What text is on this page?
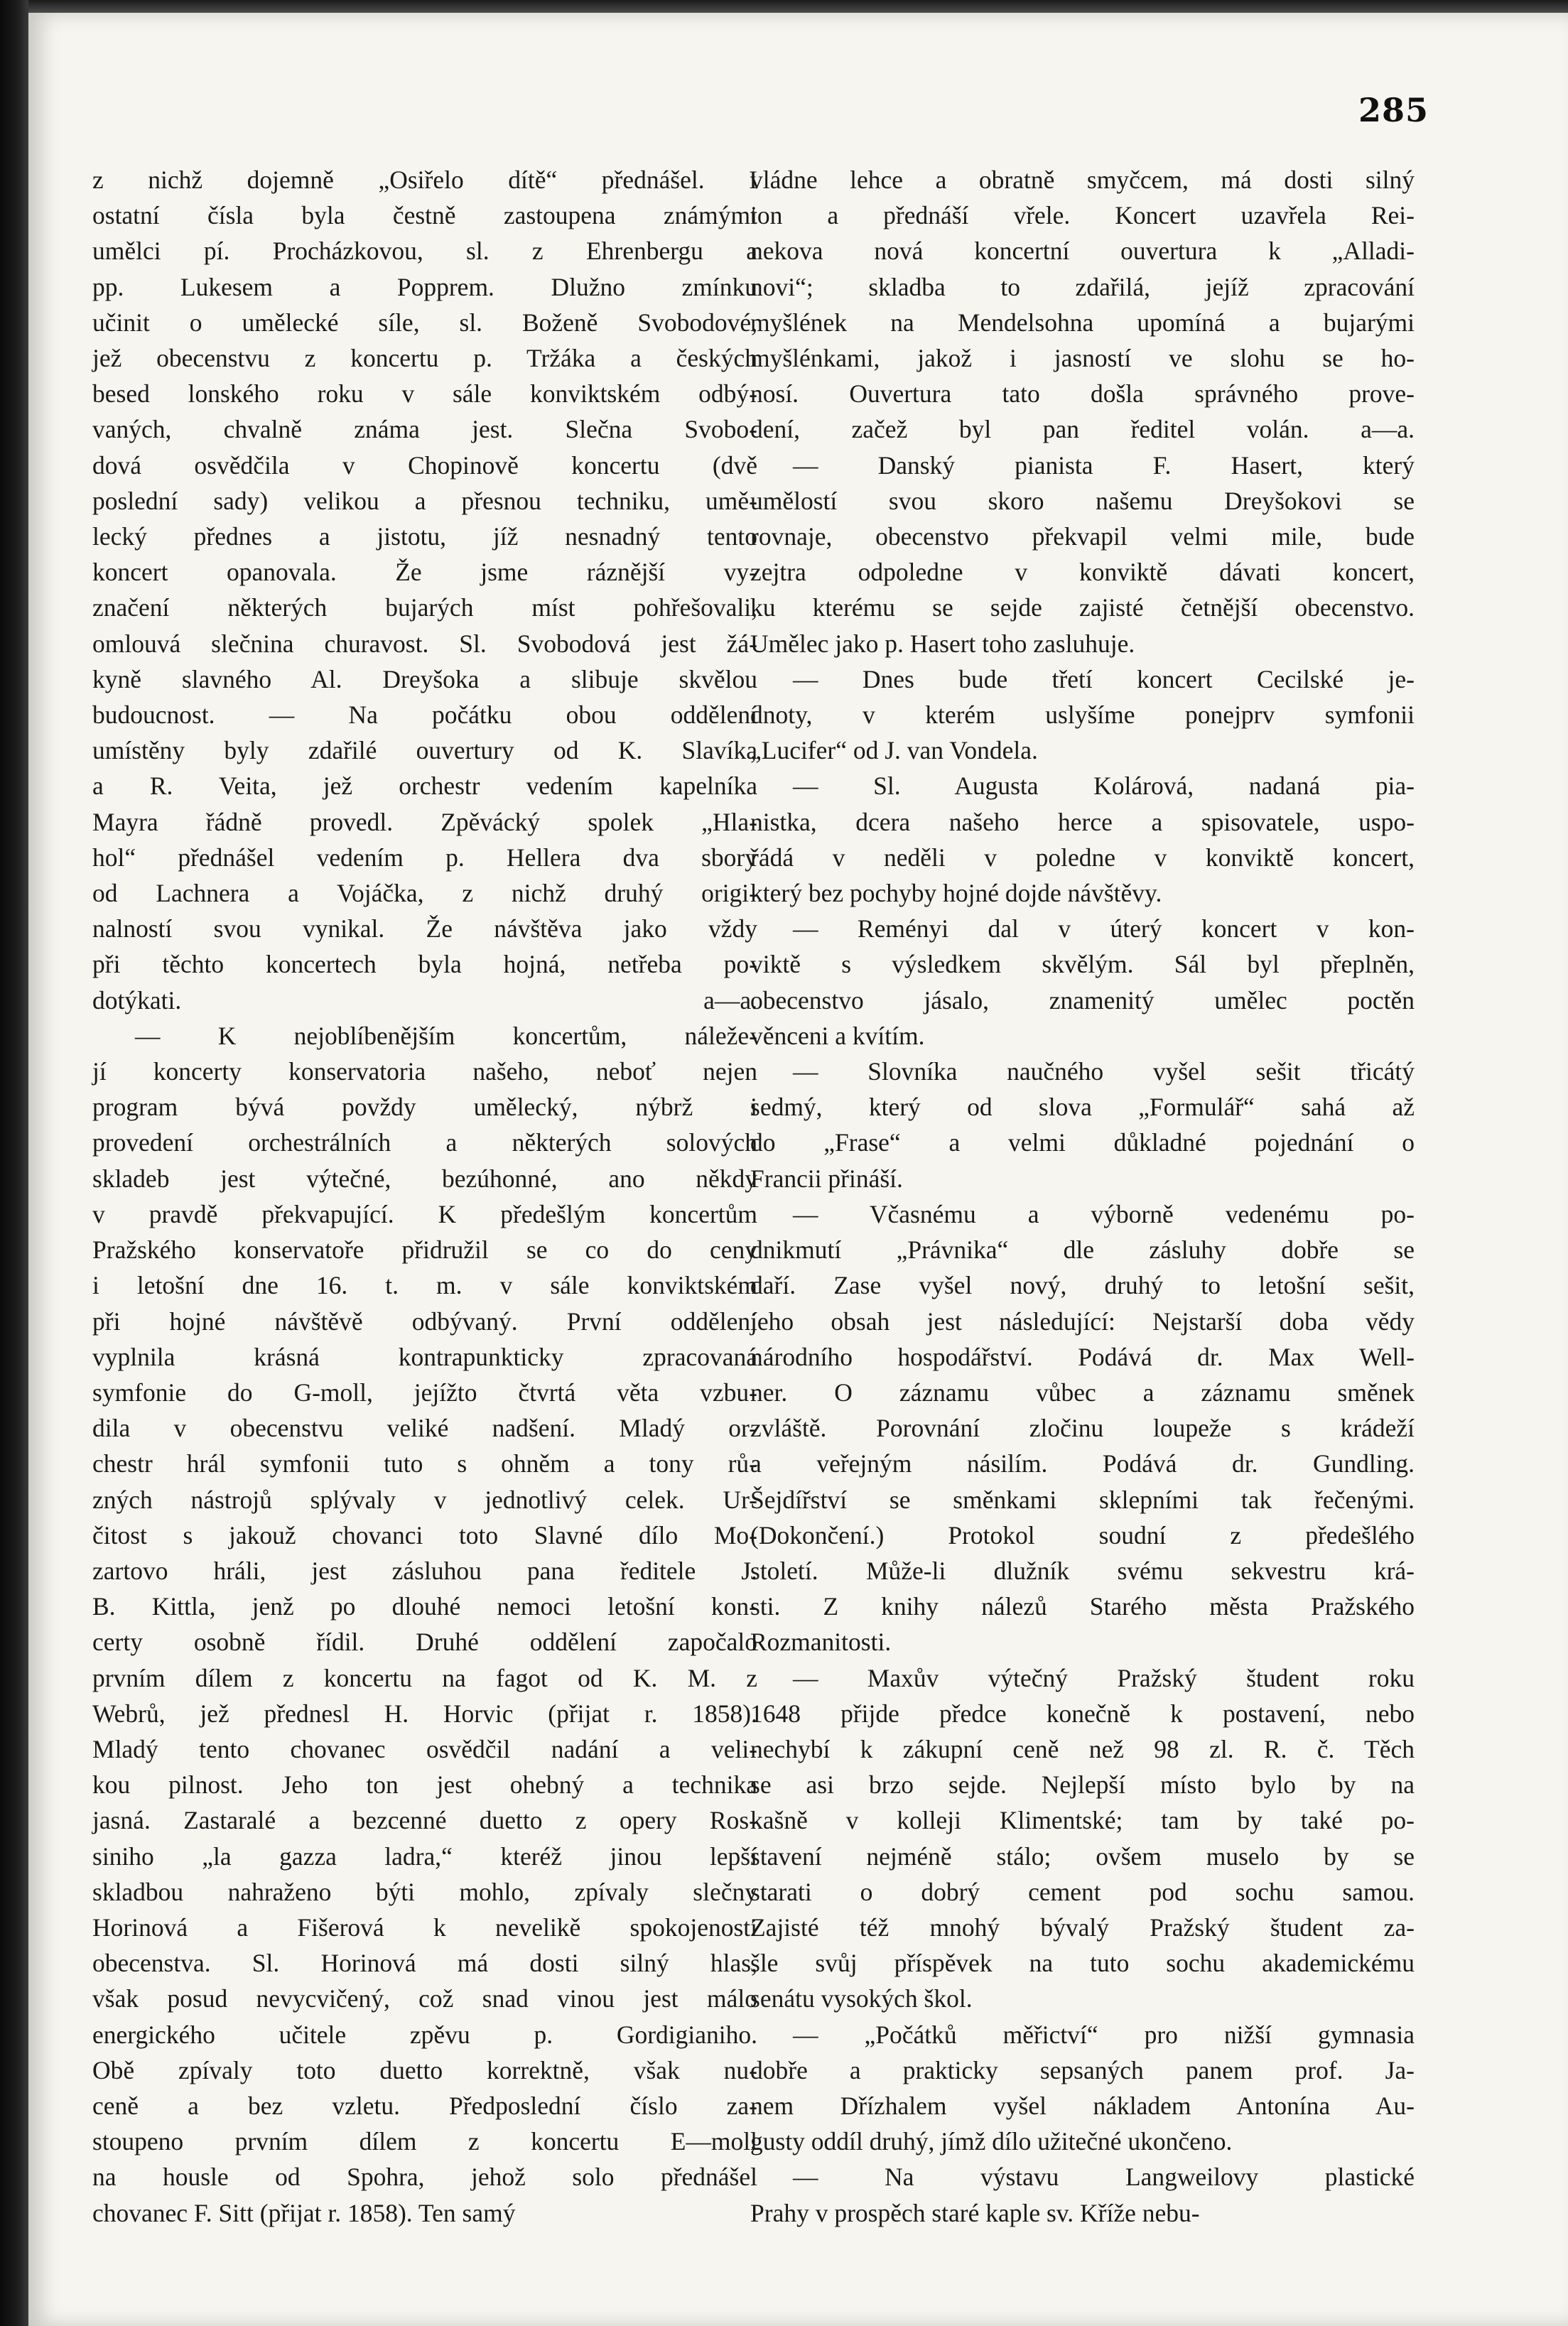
285

z nichž dojemně „Osiřelo dítě“ přednášel. I

ostatní čísla byla čestně zastoupena známými

umělci pí. Procházkovou, sl. z Ehrenbergu a

pp. Lukesem a Popprem. Dlužno zmínku

učinit o umělecké síle, sl. Boženě Svobodové,

jež obecenstvu z koncertu p. Tržáka a českých

besed lonského roku v sále konviktském odbý-

vaných, chvalně známa jest. Slečna Svobo-

dová osvědčila v Chopinově koncertu (dvě

poslední sady) velikou a přesnou techniku, umě-

lecký přednes a jistotu, jíž nesnadný tento

koncert opanovala. Že jsme ráznější vy-

značení některých bujarých míst pohřešovali,

omlouvá slečnina churavost. Sl. Svobodová jest žá-

kyně slavného Al. Dreyšoka a slibuje skvělou

budoucnost. — Na počátku obou oddělení

umístěny byly zdařilé ouvertury od K. Slavíka

a R. Veita, jež orchestr vedením kapelníka

Mayra řádně provedl. Zpěvácký spolek „Hla-

hol“ přednášel vedením p. Hellera dva sbory

od Lachnera a Vojáčka, z nichž druhý origi-

nalností svou vynikal. Že návštěva jako vždy

při těchto koncertech byla hojná, netřeba po-

dotýkati. a—a.

— K nejoblíbenějším koncertům, náleže-

jí koncerty konservatoria našeho, neboť nejen

program bývá povždy umělecký, nýbrž i

provedení orchestrálních a některých solových

skladeb jest výtečné, bezúhonné, ano někdy

v pravdě překvapující. K předešlým koncertům

Pražského konservatoře přidružil se co do ceny

i letošní dne 16. t. m. v sále konviktském

při hojné návštěvě odbývaný. První oddělení

vyplnila krásná kontrapunkticky zpracovaná

symfonie do G-moll, jejížto čtvrtá věta vzbu-

dila v obecenstvu veliké nadšení. Mladý or-

chestr hrál symfonii tuto s ohněm a tony rů-

zných nástrojů splývaly v jednotlivý celek. Ur-

čitost s jakouž chovanci toto Slavné dílo Mo-

zartovo hráli, jest zásluhou pana ředitele J.

B. Kittla, jenž po dlouhé nemoci letošní kon-

certy osobně řídil. Druhé oddělení započalo

prvním dílem z koncertu na fagot od K. M. z

Webrů, jež přednesl H. Horvic (přijat r. 1858).

Mladý tento chovanec osvědčil nadání a veli-

kou pilnost. Jeho ton jest ohebný a technika

jasná. Zastaralé a bezcenné duetto z opery Ros-

siniho „la gazza ladra,“ kteréž jinou lepší

skladbou nahraženo býti mohlo, zpívaly slečny

Horinová a Fišerová k nevelikě spokojenosti

obecenstva. Sl. Horinová má dosti silný hlas,

však posud nevycvičený, což snad vinou jest málo

energického učitele zpěvu p. Gordigianiho.

Obě zpívaly toto duetto korrektně, však nu-

ceně a bez vzletu. Předposlední číslo za-

stoupeno prvním dílem z koncertu E—moll

na housle od Spohra, jehož solo přednášel

chovanec F. Sitt (přijat r. 1858). Ten samý

vládne lehce a obratně smyčcem, má dosti silný

ton a přednáší vřele. Koncert uzavřela Rei-

nekova nová koncertní ouvertura k „Alladi-

novi“; skladba to zdařilá, jejíž zpracování

myšlének na Mendelsohna upomíná a bujarými

myšlénkami, jakož i jasností ve slohu se ho-

nosí. Ouvertura tato došla správného prove-

dení, začež byl pan ředitel volán. a—a.

— Danský pianista F. Hasert, který

umělostí svou skoro našemu Dreyšokovi se

rovnaje, obecenstvo překvapil velmi mile, bude

zejtra odpoledne v konviktě dávati koncert,

ku kterému se sejde zajisté četnější obecenstvo.

Umělec jako p. Hasert toho zasluhuje.

— Dnes bude třetí koncert Cecilské je-

dnoty, v kterém uslyšíme ponejprv symfonii

„Lucifer“ od J. van Vondela.

— Sl. Augusta Kolárová, nadaná pia-

nistka, dcera našeho herce a spisovatele, uspo-

řádá v neděli v poledne v konviktě koncert,

který bez pochyby hojné dojde návštěvy.

— Reményi dal v úterý koncert v kon-

viktě s výsledkem skvělým. Sál byl přeplněn,

obecenstvo jásalo, znamenitý umělec poctěn

věnceni a kvítím.

— Slovníka naučného vyšel sešit třicátý

sedmý, který od slova „Formulář“ sahá až

do „Frase“ a velmi důkladné pojednání o

Francii přináší.

— Včasnému a výborně vedenému po-

dnikmutí „Právnika“ dle zásluhy dobře se

daří. Zase vyšel nový, druhý to letošní sešit,

jeho obsah jest následující: Nejstarší doba vědy

národního hospodářství. Podává dr. Max Well-

ner. O záznamu vůbec a záznamu směnek

zvláště. Porovnání zločinu loupeže s krádeží

a veřejným násilím. Podává dr. Gundling.

Šejdířství se směnkami sklepními tak řečenými.

(Dokončení.) Protokol soudní z předešlého

století. Může-li dlužník svému sekvestru krá-

sti. Z knihy nálezů Starého města Pražského

Rozmanitosti.

— Maxův výtečný Pražský študent roku

1648 přijde předce konečně k postavení, nebo

nechybí k zákupní ceně než 98 zl. R. č. Těch

se asi brzo sejde. Nejlepší místo bylo by na

kašně v kolleji Klimentské; tam by také po-

stavení nejméně stálo; ovšem muselo by se

starati o dobrý cement pod sochu samou.

Zajisté též mnohý bývalý Pražský študent za-

šle svůj příspěvek na tuto sochu akademickému

senátu vysokých škol.

— „Počátků měřictví“ pro nižší gymnasia

dobře a prakticky sepsaných panem prof. Ja-

nem Dřízhalem vyšel nákladem Antonína Au-

gusty oddíl druhý, jímž dílo užitečné ukončeno.

— Na výstavu Langweilovy plastické

Prahy v prospěch staré kaple sv. Kříže nebu-
